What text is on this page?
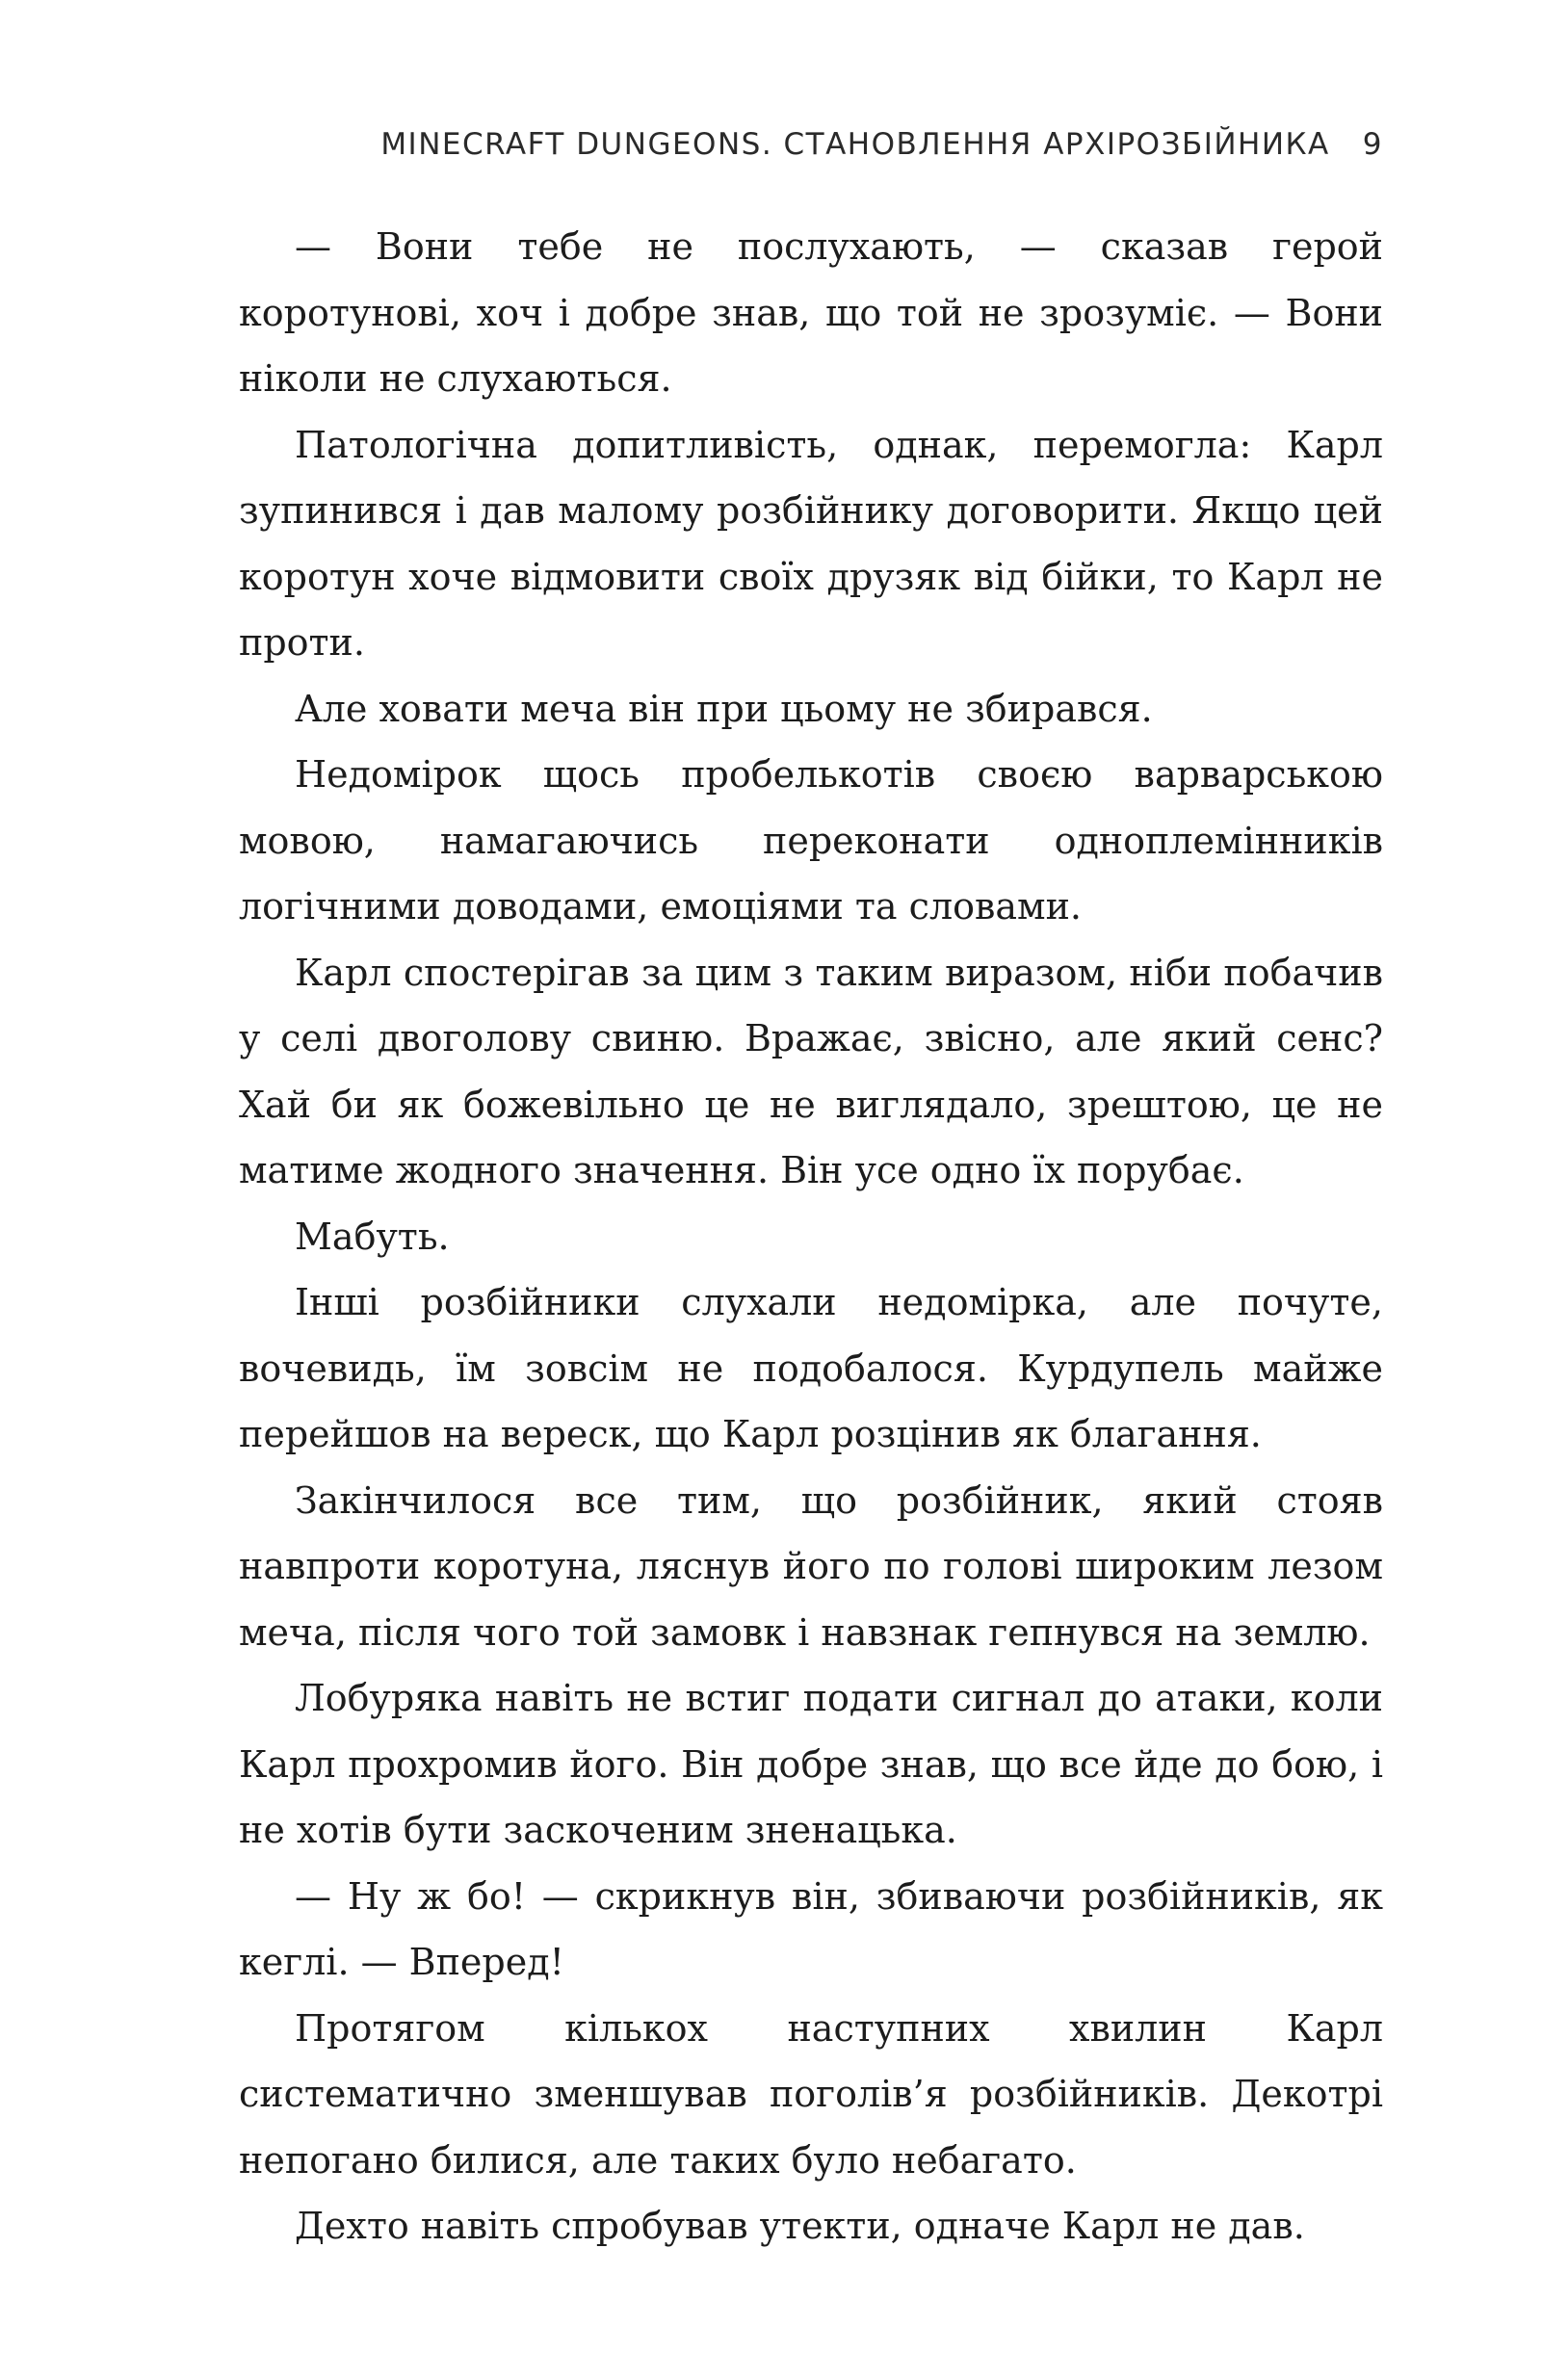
MINECRAFT DUNGEONS. СТАНОВЛЕННЯ АРХІРОЗБІЙНИКА 9

— Вони тебе не послухають, — сказав герой коротунові, хоч і добре знав, що той не зрозуміє. — Вони ніколи не слухаються.

Патологічна допитливість, однак, перемогла: Карл зупинився і дав малому розбійнику договорити. Якщо цей коротун хоче відмовити своїх друзяк від бійки, то Карл не проти.

Але ховати меча він при цьому не збирався.

Недомірок щось пробелькотів своєю варварською мовою, намагаючись переконати одноплемінників логічними доводами, емоціями та словами.

Карл спостерігав за цим з таким виразом, ніби побачив у селі двоголову свиню. Вражає, звісно, але який сенс? Хай би як божевільно це не виглядало, зрештою, це не матиме жодного значення. Він усе одно їх порубає.

Мабуть.

Інші розбійники слухали недомірка, але почуте, вочевидь, їм зовсім не подобалося. Курдупель майже перейшов на вереск, що Карл розцінив як благання.

Закінчилося все тим, що розбійник, який стояв навпроти коротуна, ляснув його по голові широким лезом меча, після чого той замовк і навзнак гепнувся на землю.

Лобуряка навіть не встиг подати сигнал до атаки, коли Карл прохромив його. Він добре знав, що все йде до бою, і не хотів бути заскоченим зненацька.

— Ну ж бо! — скрикнув він, збиваючи розбійників, як кеглі. — Вперед!

Протягом кількох наступних хвилин Карл систематично зменшував поголів’я розбійників. Декотрі непогано билися, але таких було небагато.

Дехто навіть спробував утекти, одначе Карл не дав.
